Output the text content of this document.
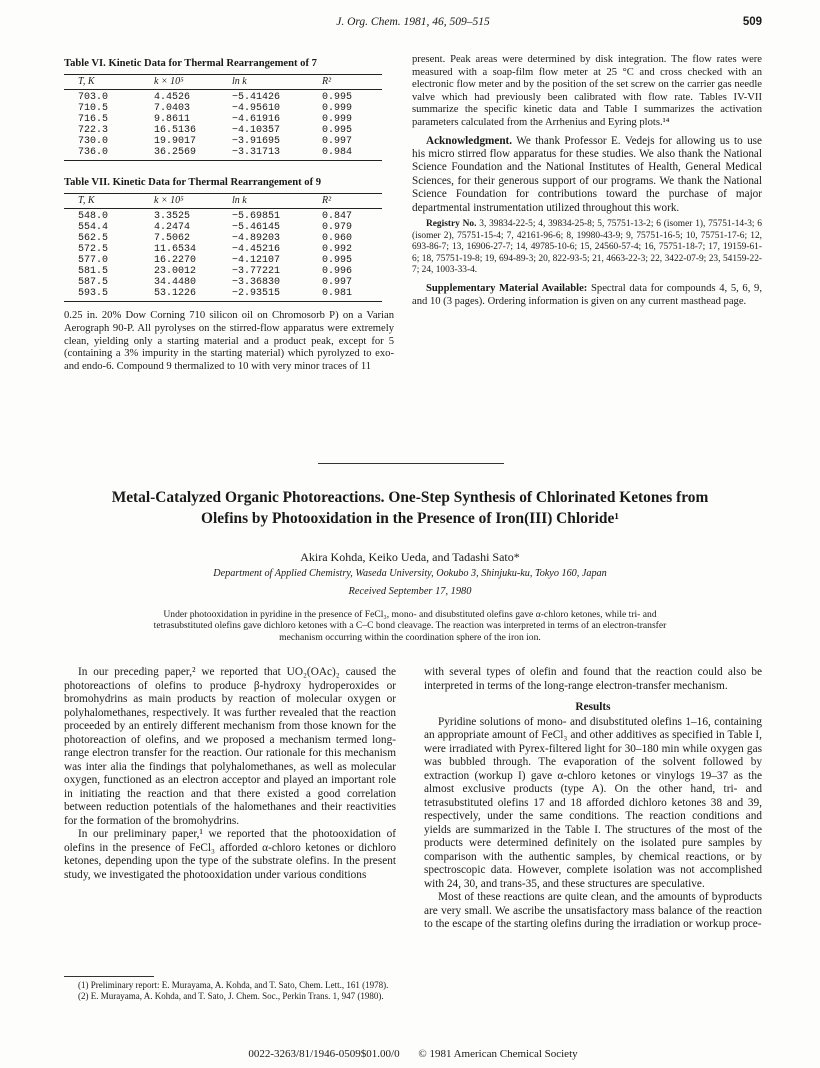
J. Org. Chem. 1981, 46, 509–515	509
Table VI. Kinetic Data for Thermal Rearrangement of 7
T, K	k × 10⁵	ln k	R²
703.0	4.4526	−5.41426	0.995
710.5	7.0403	−4.95610	0.999
716.5	9.8611	−4.61916	0.999
722.3	16.5136	−4.10357	0.995
730.0	19.9017	−3.91695	0.997
736.0	36.2569	−3.31713	0.984
Table VII. Kinetic Data for Thermal Rearrangement of 9
T, K	k × 10⁵	ln k	R²
548.0	3.3525	−5.69851	0.847
554.4	4.2474	−5.46145	0.979
562.5	7.5062	−4.89203	0.960
572.5	11.6534	−4.45216	0.992
577.0	16.2270	−4.12107	0.995
581.5	23.0012	−3.77221	0.996
587.5	34.4480	−3.36830	0.997
593.5	53.1226	−2.93515	0.981

0.25 in. 20% Dow Corning 710 silicon oil on Chromosorb P) on a Varian Aerograph 90-P. All pyrolyses on the stirred-flow apparatus were extremely clean, yielding only a starting material and a product peak, except for 5 (containing a 3% impurity in the starting material) which pyrolyzed to exo- and endo-6. Compound 9 thermalized to 10 with very minor traces of 11

present. Peak areas were determined by disk integration. The flow rates were measured with a soap-film flow meter at 25 °C and cross checked with an electronic flow meter and by the position of the set screw on the carrier gas needle valve which had previously been calibrated with flow rate. Tables IV-VII summarize the specific kinetic data and Table I summarizes the activation parameters calculated from the Arrhenius and Eyring plots.¹⁴

Acknowledgment. We thank Professor E. Vedejs for allowing us to use his micro stirred flow apparatus for these studies. We also thank the National Science Foundation and the National Institutes of Health, General Medical Sciences, for their generous support of our programs. We thank the National Science Foundation for contributions toward the purchase of major departmental instrumentation utilized throughout this work.

Registry No. 3, 39834-22-5; 4, 39834-25-8; 5, 75751-13-2; 6 (isomer 1), 75751-14-3; 6 (isomer 2), 75751-15-4; 7, 42161-96-6; 8, 19980-43-9; 9, 75751-16-5; 10, 75751-17-6; 12, 693-86-7; 13, 16906-27-7; 14, 49785-10-6; 15, 24560-57-4; 16, 75751-18-7; 17, 19159-61-6; 18, 75751-19-8; 19, 694-89-3; 20, 822-93-5; 21, 4663-22-3; 22, 3422-07-9; 23, 54159-22-7; 24, 1003-33-4.

Supplementary Material Available: Spectral data for compounds 4, 5, 6, 9, and 10 (3 pages). Ordering information is given on any current masthead page.

Metal-Catalyzed Organic Photoreactions. One-Step Synthesis of Chlorinated Ketones from Olefins by Photooxidation in the Presence of Iron(III) Chloride¹
Akira Kohda, Keiko Ueda, and Tadashi Sato*
Department of Applied Chemistry, Waseda University, Ookubo 3, Shinjuku-ku, Tokyo 160, Japan
Received September 17, 1980
Under photooxidation in pyridine in the presence of FeCl₃, mono- and disubstituted olefins gave α-chloro ketones, while tri- and tetrasubstituted olefins gave dichloro ketones with a C–C bond cleavage. The reaction was interpreted in terms of an electron-transfer mechanism occurring within the coordination sphere of the iron ion.

In our preceding paper,² we reported that UO₂(OAc)₂ caused the photoreactions of olefins to produce β-hydroxy hydroperoxides or bromohydrins as main products by reaction of molecular oxygen or polyhalomethanes, respectively. It was further revealed that the reaction proceeded by an entirely different mechanism from those known for the photoreaction of olefins, and we proposed a mechanism termed long-range electron transfer for the reaction. Our rationale for this mechanism was inter alia the findings that polyhalomethanes, as well as molecular oxygen, functioned as an electron acceptor and played an important role in initiating the reaction and that there existed a good correlation between reduction potentials of the halomethanes and their reactivities for the formation of the bromohydrins.

In our preliminary paper,¹ we reported that the photooxidation of olefins in the presence of FeCl₃ afforded α-chloro ketones or dichloro ketones, depending upon the type of the substrate olefins. In the present study, we investigated the photooxidation under various conditions

with several types of olefin and found that the reaction could also be interpreted in terms of the long-range electron-transfer mechanism.

Results

Pyridine solutions of mono- and disubstituted olefins 1–16, containing an appropriate amount of FeCl₃ and other additives as specified in Table I, were irradiated with Pyrex-filtered light for 30–180 min while oxygen gas was bubbled through. The evaporation of the solvent followed by extraction (workup I) gave α-chloro ketones or vinylogs 19–37 as the almost exclusive products (type A). On the other hand, tri- and tetrasubstituted olefins 17 and 18 afforded dichloro ketones 38 and 39, respectively, under the same conditions. The reaction conditions and yields are summarized in the Table I. The structures of the most of the products were determined definitely on the isolated pure samples by comparison with the authentic samples, by chemical reactions, or by spectroscopic data. However, complete isolation was not accomplished with 24, 30, and trans-35, and these structures are speculative.

Most of these reactions are quite clean, and the amounts of byproducts are very small. We ascribe the unsatisfactory mass balance of the reaction to the escape of the starting olefins during the irradiation or workup proce-

(1) Preliminary report: E. Murayama, A. Kohda, and T. Sato, Chem. Lett., 161 (1978).

(2) E. Murayama, A. Kohda, and T. Sato, J. Chem. Soc., Perkin Trans. 1, 947 (1980).

0022-3263/81/1946-0509$01.00/0 © 1981 American Chemical Society
